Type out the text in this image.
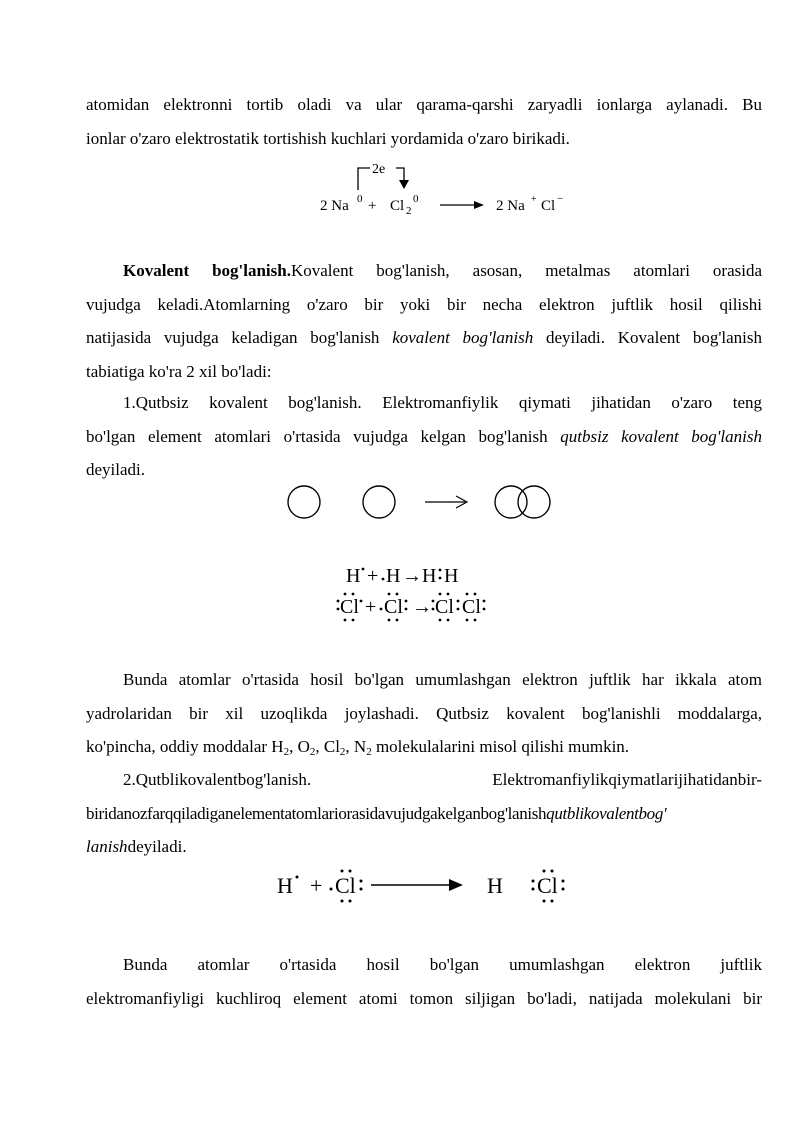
atomidan elektronni tortib oladi va ular qarama-qarshi zaryadli ionlarga aylanadi. Bu
ionlar o'zaro elektrostatik tortishish kuchlari yordamida o'zaro birikadi.

2e
2 Na 0 + Cl 2
0	2 Na + Cl −

Kovalent bog'lanish.Kovalent bog'lanish, asosan, metalmas atomlari orasida
vujudga keladi.Atomlarning o'zaro bir yoki bir necha elektron juftlik hosil qilishi
natijasida vujudga keladigan bog'lanish kovalent bog'lanish deyiladi. Kovalent bog'lanish
tabiatiga ko'ra 2 xil bo'ladi:

1.Qutbsiz kovalent bog'lanish. Elektromanfiylik qiymati jihatidan o'zaro teng
bo'lgan element atomlari o'rtasida vujudga kelgan bog'lanish qutbsiz kovalent bog'lanish
deyiladi.

H + H → H H
Cl + Cl → Cl Cl

Bunda atomlar o'rtasida hosil bo'lgan umumlashgan elektron juftlik har ikkala atom
yadrolaridan bir xil uzoqlikda joylashadi. Qutbsiz kovalent bog'lanishli moddalarga,
ko'pincha, oddiy moddalar $H_2$, $O_2$, $Cl_2$, $N_2$ molekulalarini misol qilishi mumkin.

2.Qutblikovalentbog'lanish.	Elektromanfiylikqiymatlarijihatidanbir-
biridanozfarqqiladiganelementatomlariorasidavujudgakelganbog'lanishqutblikovalentbog'
lanishdeyiladi.

H + Cl	H Cl

Bunda atomlar o'rtasida hosil bo'lgan umumlashgan elektron juftlik
elektromanfiyligi kuchliroq element atomi tomon siljigan bo'ladi, natijada molekulani bir
